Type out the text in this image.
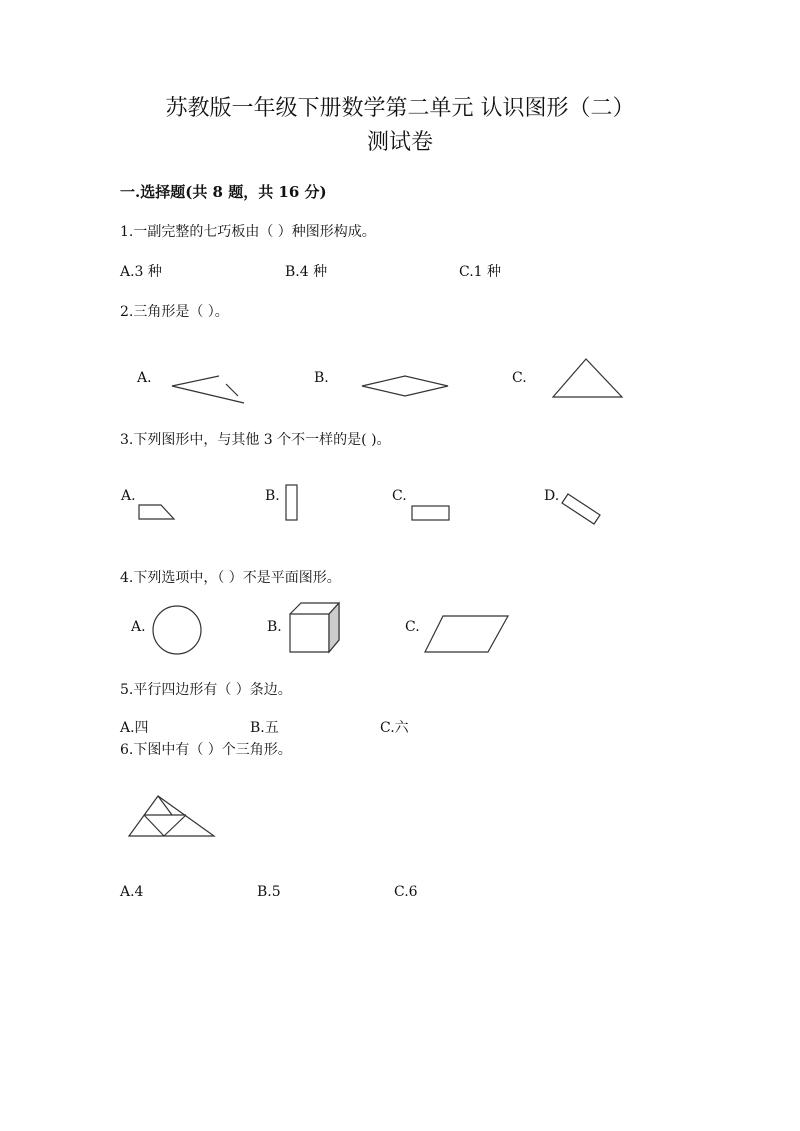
苏教版一年级下册数学第二单元 认识图形（二）
测试卷
一.选择题(共 8 题，共 16 分)
1.一副完整的七巧板由（ ）种图形构成。
A.3 种	B.4 种	C.1 种
2.三角形是（ ）。
A.	B.	C.
3.下列图形中，与其他 3 个不一样的是( )。
A.	B.	C.	D.
4.下列选项中，（ ）不是平面图形。
A.	B.	C.
5.平行四边形有（ ）条边。
A.四	B.五	C.六
6.下图中有（ ）个三角形。
A.4	B.5	C.6
